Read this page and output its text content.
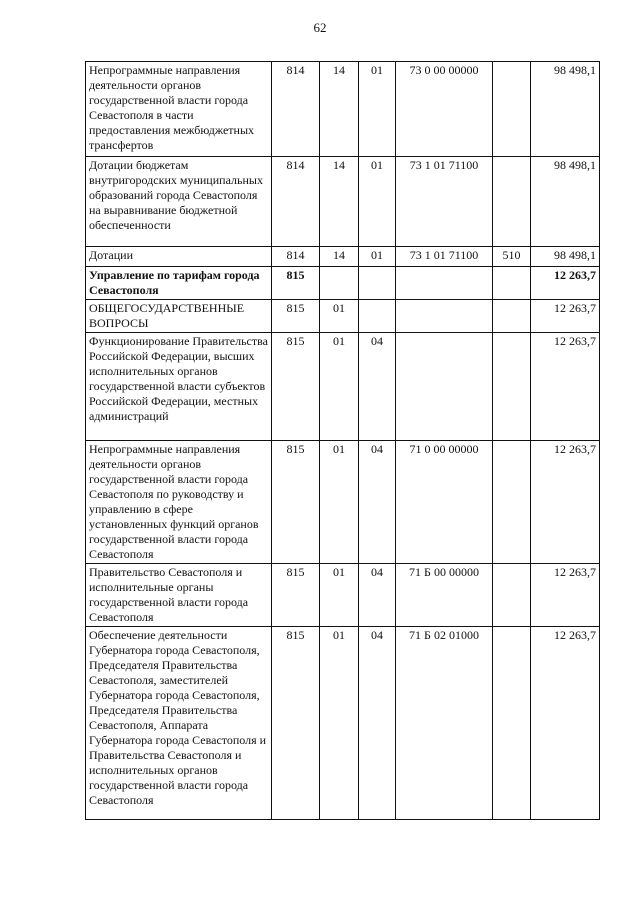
62
Непрограммные направления деятельности органов государственной власти города Севастополя в части предоставления межбюджетных трансфертов	814	14	01	73 0 00 00000		98 498,1
Дотации бюджетам внутригородских муниципальных образований города Севастополя на выравнивание бюджетной обеспеченности	814	14	01	73 1 01 71100		98 498,1
Дотации	814	14	01	73 1 01 71100	510	98 498,1
Управление по тарифам города Севастополя	815					12 263,7
ОБЩЕГОСУДАРСТВЕННЫЕ ВОПРОСЫ	815	01				12 263,7
Функционирование Правительства Российской Федерации, высших исполнительных органов государственной власти субъектов Российской Федерации, местных администраций	815	01	04			12 263,7
Непрограммные направления деятельности органов государственной власти города Севастополя по руководству и управлению в сфере установленных функций органов государственной власти города Севастополя	815	01	04	71 0 00 00000		12 263,7
Правительство Севастополя и исполнительные органы государственной власти города Севастополя	815	01	04	71 Б 00 00000		12 263,7
Обеспечение деятельности Губернатора города Севастополя, Председателя Правительства Севастополя, заместителей Губернатора города Севастополя, Председателя Правительства Севастополя, Аппарата Губернатора города Севастополя и Правительства Севастополя и исполнительных органов государственной власти города Севастополя	815	01	04	71 Б 02 01000		12 263,7
